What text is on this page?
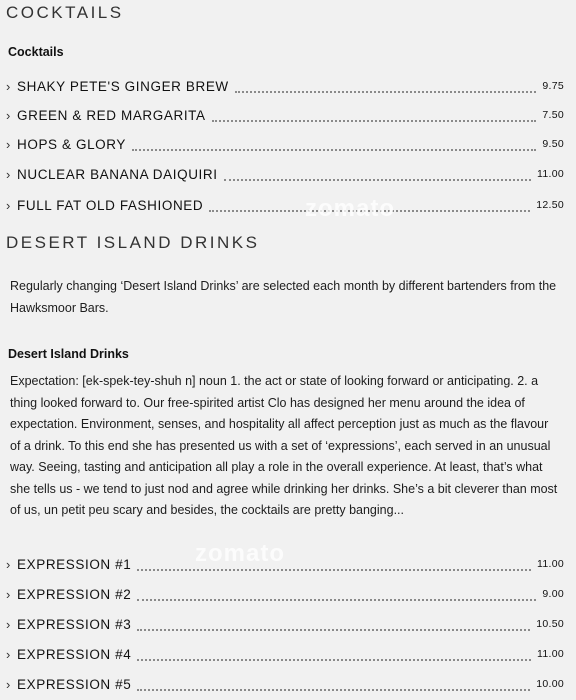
COCKTAILS
Cocktails
› SHAKY PETE'S GINGER BREW	9.75
› GREEN & RED MARGARITA	7.50
› HOPS & GLORY	9.50
› NUCLEAR BANANA DAIQUIRI	11.00
› FULL FAT OLD FASHIONED	12.50
zomato
DESERT ISLAND DRINKS

Regularly changing ‘Desert Island Drinks’ are selected each month by different bartenders from the Hawksmoor Bars.

Desert Island Drinks

Expectation: [ek-spek-tey-shuh n] noun 1. the act or state of looking forward or anticipating. 2. a thing looked forward to. Our free-spirited artist Clo has designed her menu around the idea of expectation. Environment, senses, and hospitality all affect perception just as much as the flavour of a drink. To this end she has presented us with a set of ‘expressions’, each served in an unusual way. Seeing, tasting and anticipation all play a role in the overall experience. At least, that’s what she tells us - we tend to just nod and agree while drinking her drinks. She’s a bit cleverer than most of us, un petit peu scary and besides, the cocktails are pretty banging...

› EXPRESSION #1	11.00
› EXPRESSION #2	9.00
› EXPRESSION #3	10.50
› EXPRESSION #4	11.00
› EXPRESSION #5	10.00
zomato
